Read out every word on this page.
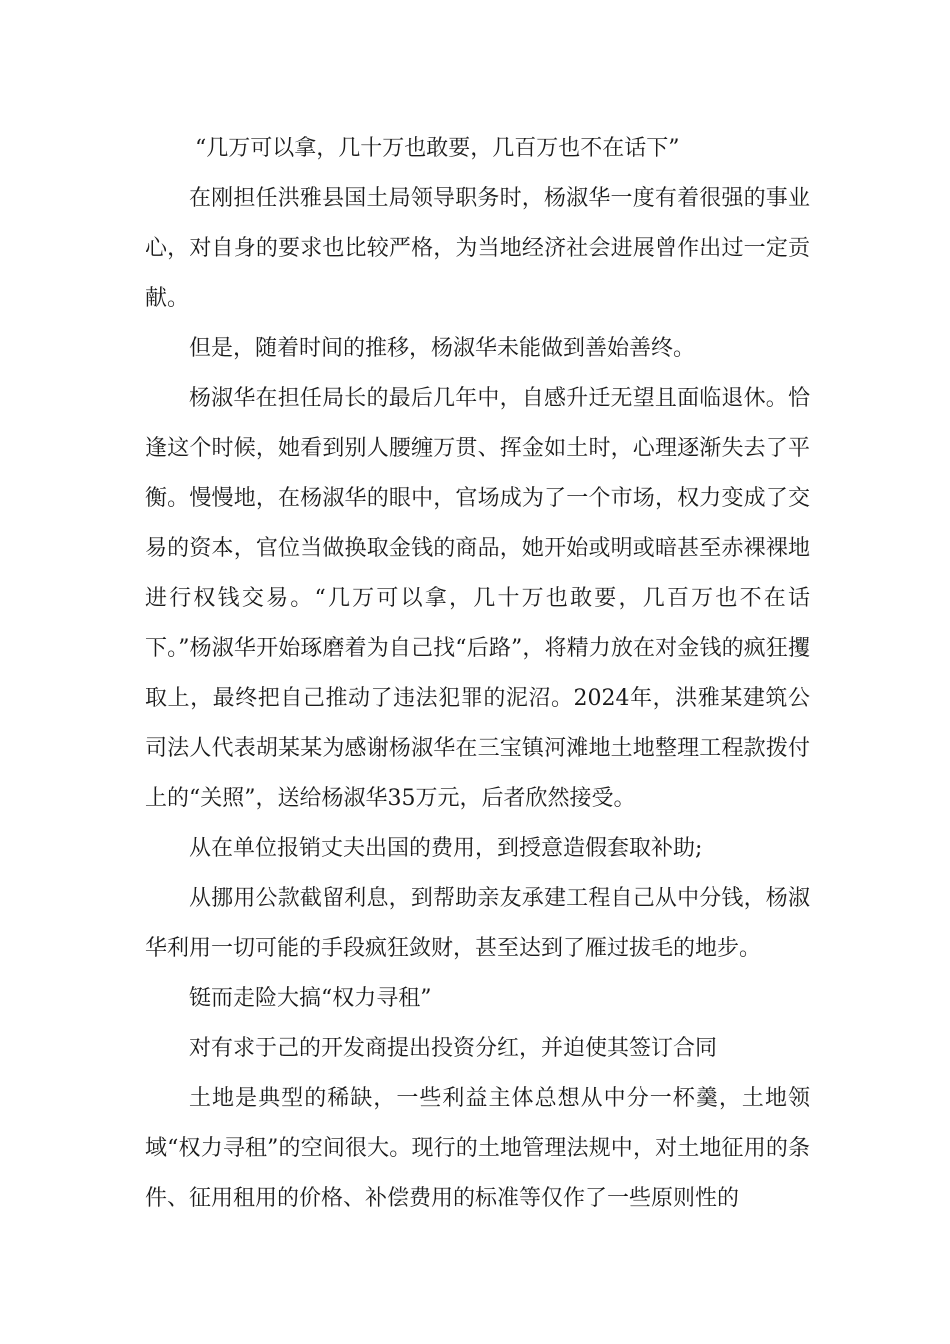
“几万可以拿，几十万也敢要，几百万也不在话下”

在刚担任洪雅县国土局领导职务时，杨淑华一度有着很强的事业心，对自身的要求也比较严格，为当地经济社会进展曾作出过一定贡献。

但是，随着时间的推移，杨淑华未能做到善始善终。

杨淑华在担任局长的最后几年中，自感升迁无望且面临退休。恰逢这个时候，她看到别人腰缠万贯、挥金如土时，心理逐渐失去了平衡。慢慢地，在杨淑华的眼中，官场成为了一个市场，权力变成了交易的资本，官位当做换取金钱的商品，她开始或明或暗甚至赤裸裸地进行权钱交易。“几万可以拿，几十万也敢要，几百万也不在话下。”杨淑华开始琢磨着为自己找“后路”，将精力放在对金钱的疯狂攫取上，最终把自己推动了违法犯罪的泥沼。2024年，洪雅某建筑公司法人代表胡某某为感谢杨淑华在三宝镇河滩地土地整理工程款拨付上的“关照”，送给杨淑华35万元，后者欣然接受。

从在单位报销丈夫出国的费用，到授意造假套取补助;

从挪用公款截留利息，到帮助亲友承建工程自己从中分钱，杨淑华利用一切可能的手段疯狂敛财，甚至达到了雁过拔毛的地步。

铤而走险大搞“权力寻租”

对有求于己的开发商提出投资分红，并迫使其签订合同

土地是典型的稀缺，一些利益主体总想从中分一杯羹，土地领域“权力寻租”的空间很大。现行的土地管理法规中，对土地征用的条件、征用租用的价格、补偿费用的标准等仅作了一些原则性的
